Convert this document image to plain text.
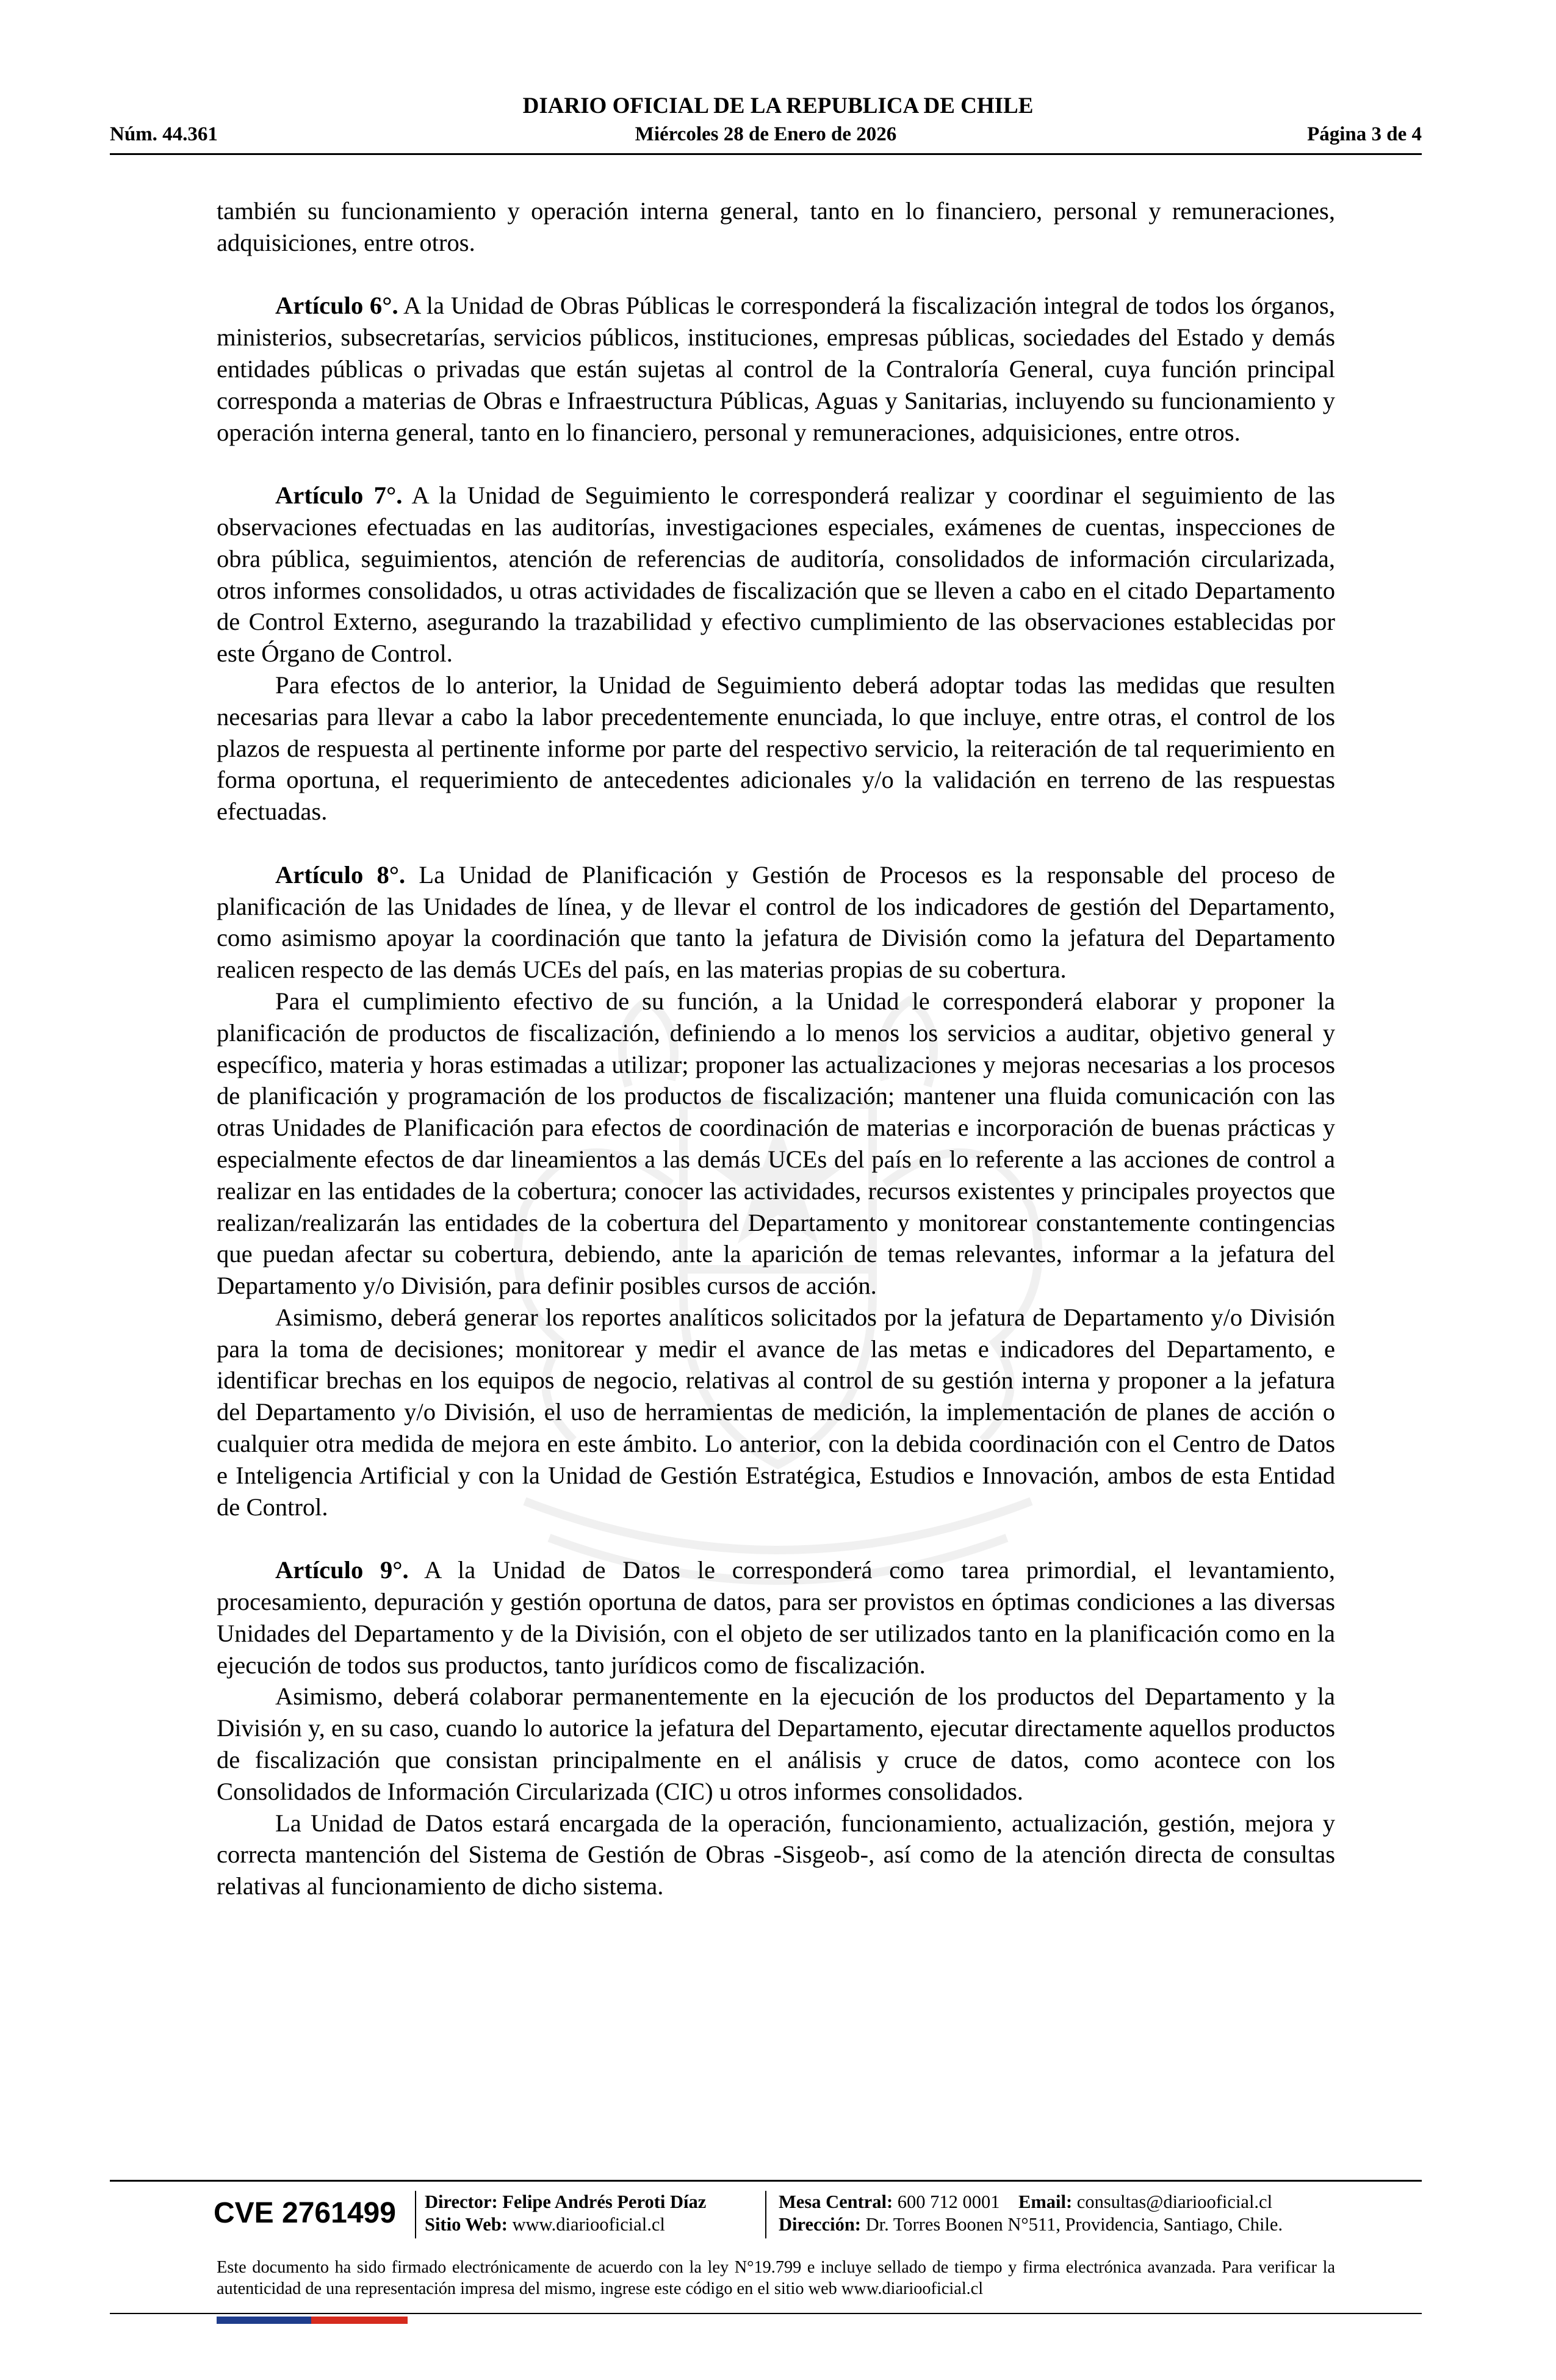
DIARIO OFICIAL DE LA REPUBLICA DE CHILE
Núm. 44.361	Miércoles 28 de Enero de 2026	Página 3 de 4

también su funcionamiento y operación interna general, tanto en lo financiero, personal y remuneraciones, adquisiciones, entre otros.

Artículo 6°. A la Unidad de Obras Públicas le corresponderá la fiscalización integral de todos los órganos, ministerios, subsecretarías, servicios públicos, instituciones, empresas públicas, sociedades del Estado y demás entidades públicas o privadas que están sujetas al control de la Contraloría General, cuya función principal corresponda a materias de Obras e Infraestructura Públicas, Aguas y Sanitarias, incluyendo su funcionamiento y operación interna general, tanto en lo financiero, personal y remuneraciones, adquisiciones, entre otros.

Artículo 7°. A la Unidad de Seguimiento le corresponderá realizar y coordinar el seguimiento de las observaciones efectuadas en las auditorías, investigaciones especiales, exámenes de cuentas, inspecciones de obra pública, seguimientos, atención de referencias de auditoría, consolidados de información circularizada, otros informes consolidados, u otras actividades de fiscalización que se lleven a cabo en el citado Departamento de Control Externo, asegurando la trazabilidad y efectivo cumplimiento de las observaciones establecidas por este Órgano de Control.

Para efectos de lo anterior, la Unidad de Seguimiento deberá adoptar todas las medidas que resulten necesarias para llevar a cabo la labor precedentemente enunciada, lo que incluye, entre otras, el control de los plazos de respuesta al pertinente informe por parte del respectivo servicio, la reiteración de tal requerimiento en forma oportuna, el requerimiento de antecedentes adicionales y/o la validación en terreno de las respuestas efectuadas.

Artículo 8°. La Unidad de Planificación y Gestión de Procesos es la responsable del proceso de planificación de las Unidades de línea, y de llevar el control de los indicadores de gestión del Departamento, como asimismo apoyar la coordinación que tanto la jefatura de División como la jefatura del Departamento realicen respecto de las demás UCEs del país, en las materias propias de su cobertura.

Para el cumplimiento efectivo de su función, a la Unidad le corresponderá elaborar y proponer la planificación de productos de fiscalización, definiendo a lo menos los servicios a auditar, objetivo general y específico, materia y horas estimadas a utilizar; proponer las actualizaciones y mejoras necesarias a los procesos de planificación y programación de los productos de fiscalización; mantener una fluida comunicación con las otras Unidades de Planificación para efectos de coordinación de materias e incorporación de buenas prácticas y especialmente efectos de dar lineamientos a las demás UCEs del país en lo referente a las acciones de control a realizar en las entidades de la cobertura; conocer las actividades, recursos existentes y principales proyectos que realizan/realizarán las entidades de la cobertura del Departamento y monitorear constantemente contingencias que puedan afectar su cobertura, debiendo, ante la aparición de temas relevantes, informar a la jefatura del Departamento y/o División, para definir posibles cursos de acción.

Asimismo, deberá generar los reportes analíticos solicitados por la jefatura de Departamento y/o División para la toma de decisiones; monitorear y medir el avance de las metas e indicadores del Departamento, e identificar brechas en los equipos de negocio, relativas al control de su gestión interna y proponer a la jefatura del Departamento y/o División, el uso de herramientas de medición, la implementación de planes de acción o cualquier otra medida de mejora en este ámbito. Lo anterior, con la debida coordinación con el Centro de Datos e Inteligencia Artificial y con la Unidad de Gestión Estratégica, Estudios e Innovación, ambos de esta Entidad de Control.

Artículo 9°. A la Unidad de Datos le corresponderá como tarea primordial, el levantamiento, procesamiento, depuración y gestión oportuna de datos, para ser provistos en óptimas condiciones a las diversas Unidades del Departamento y de la División, con el objeto de ser utilizados tanto en la planificación como en la ejecución de todos sus productos, tanto jurídicos como de fiscalización.

Asimismo, deberá colaborar permanentemente en la ejecución de los productos del Departamento y la División y, en su caso, cuando lo autorice la jefatura del Departamento, ejecutar directamente aquellos productos de fiscalización que consistan principalmente en el análisis y cruce de datos, como acontece con los Consolidados de Información Circularizada (CIC) u otros informes consolidados.

La Unidad de Datos estará encargada de la operación, funcionamiento, actualización, gestión, mejora y correcta mantención del Sistema de Gestión de Obras -Sisgeob-, así como de la atención directa de consultas relativas al funcionamiento de dicho sistema.

CVE 2761499	Director: Felipe Andrés Peroti Díaz
Sitio Web: www.diariooficial.cl
Mesa Central: 600 712 0001 Email: consultas@diariooficial.cl
Dirección: Dr. Torres Boonen N°511, Providencia, Santiago, Chile.
Este documento ha sido firmado electrónicamente de acuerdo con la ley N°19.799 e incluye sellado de tiempo y firma electrónica avanzada. Para verificar la autenticidad de una representación impresa del mismo, ingrese este código en el sitio web www.diariooficial.cl
